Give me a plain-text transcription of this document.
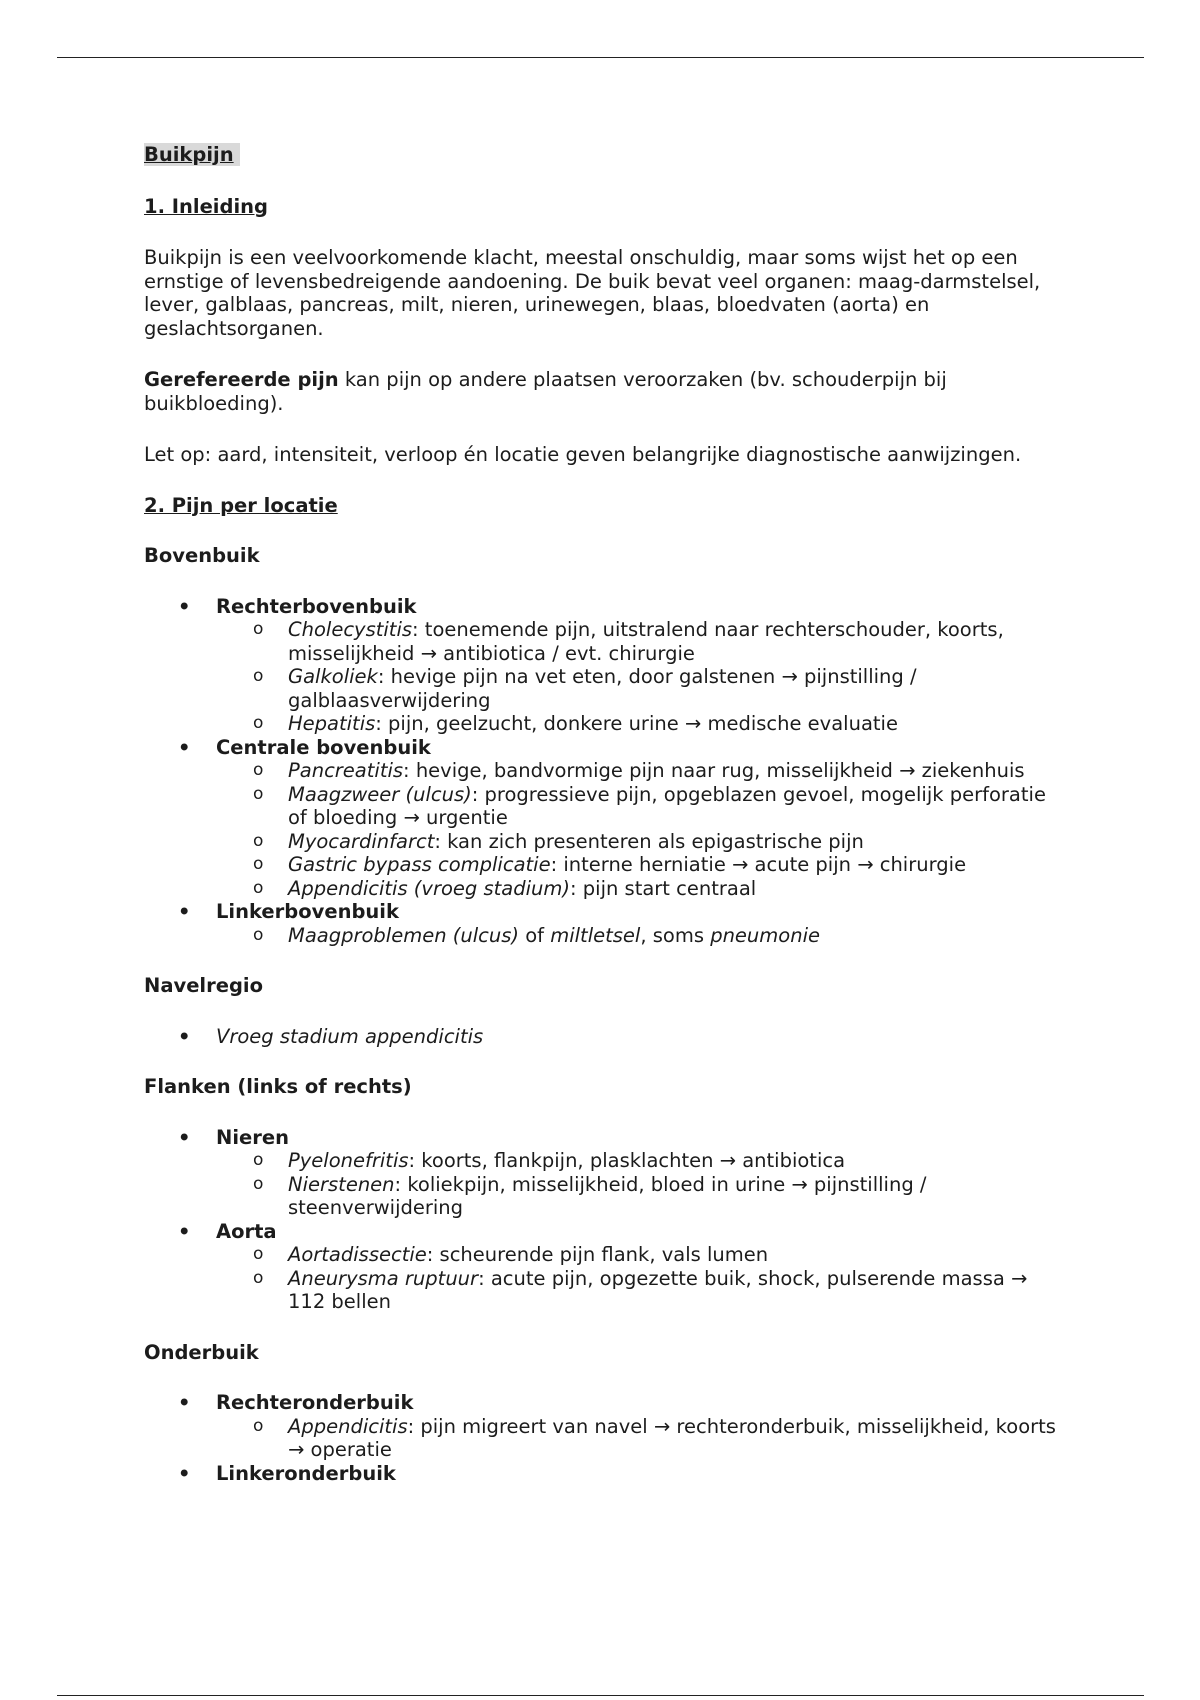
Buikpijn

1. Inleiding

Buikpijn is een veelvoorkomende klacht, meestal onschuldig, maar soms wijst het op een ernstige of levensbedreigende aandoening. De buik bevat veel organen: maag-darmstelsel, lever, galblaas, pancreas, milt, nieren, urinewegen, blaas, bloedvaten (aorta) en geslachtsorganen.

Gerefereerde pijn kan pijn op andere plaatsen veroorzaken (bv. schouderpijn bij buikbloeding).

Let op: aard, intensiteit, verloop én locatie geven belangrijke diagnostische aanwijzingen.

2. Pijn per locatie

Bovenbuik

• Rechterbovenbuik
o Cholecystitis: toenemende pijn, uitstralend naar rechterschouder, koorts, misselijkheid → antibiotica / evt. chirurgie
o Galkoliek: hevige pijn na vet eten, door galstenen → pijnstilling / galblaasverwijdering
o Hepatitis: pijn, geelzucht, donkere urine → medische evaluatie
• Centrale bovenbuik
o Pancreatitis: hevige, bandvormige pijn naar rug, misselijkheid → ziekenhuis
o Maagzweer (ulcus): progressieve pijn, opgeblazen gevoel, mogelijk perforatie of bloeding → urgentie
o Myocardinfarct: kan zich presenteren als epigastrische pijn
o Gastric bypass complicatie: interne herniatie → acute pijn → chirurgie
o Appendicitis (vroeg stadium): pijn start centraal
• Linkerbovenbuik
o Maagproblemen (ulcus) of miltletsel, soms pneumonie

Navelregio

• Vroeg stadium appendicitis

Flanken (links of rechts)

• Nieren
o Pyelonefritis: koorts, flankpijn, plasklachten → antibiotica
o Nierstenen: koliekpijn, misselijkheid, bloed in urine → pijnstilling / steenverwijdering
• Aorta
o Aortadissectie: scheurende pijn flank, vals lumen
o Aneurysma ruptuur: acute pijn, opgezette buik, shock, pulserende massa → 112 bellen

Onderbuik

• Rechteronderbuik
o Appendicitis: pijn migreert van navel → rechteronderbuik, misselijkheid, koorts → operatie
• Linkeronderbuik
